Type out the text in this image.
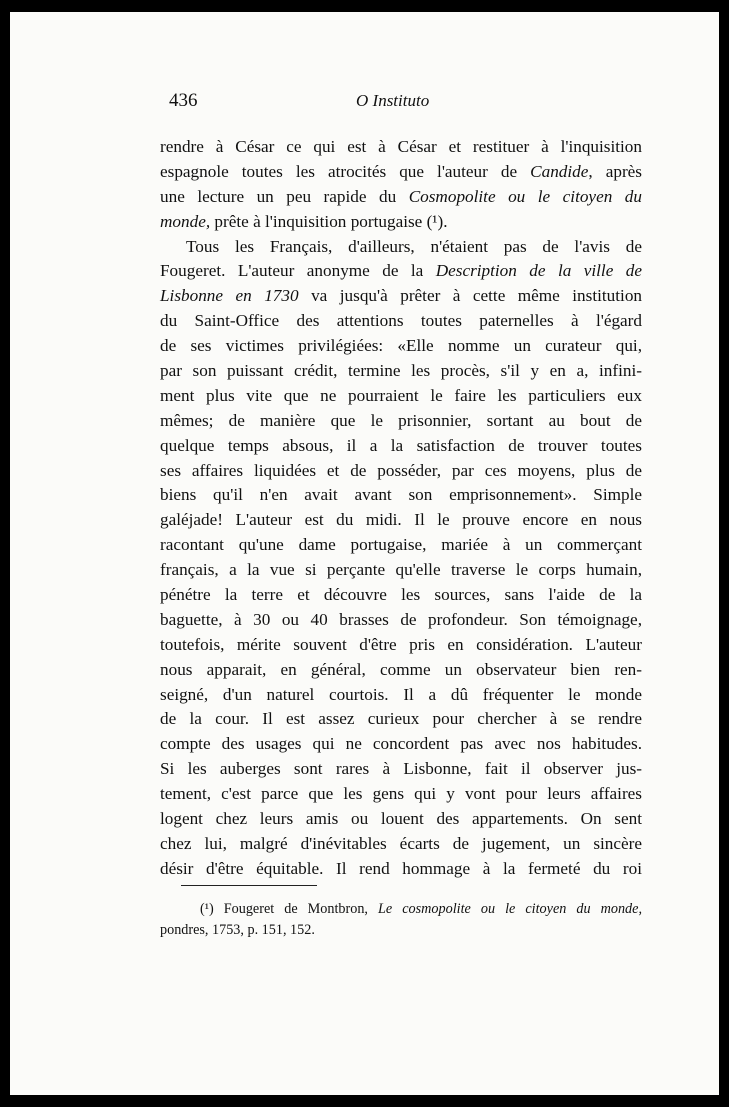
436	O Instituto
rendre à César ce qui est à César et restituer à l'inquisition
espagnole toutes les atrocités que l'auteur de Candide, après
une lecture un peu rapide du Cosmopolite ou le citoyen du
monde, prête à l'inquisition portugaise (¹).
Tous les Français, d'ailleurs, n'étaient pas de l'avis de
Fougeret. L'auteur anonyme de la Description de la ville de
Lisbonne en 1730 va jusqu'à prêter à cette même institution
du Saint-Office des attentions toutes paternelles à l'égard
de ses victimes privilégiées: «Elle nomme un curateur qui,
par son puissant crédit, termine les procès, s'il y en a, infini-
ment plus vite que ne pourraient le faire les particuliers eux
mêmes; de manière que le prisonnier, sortant au bout de
quelque temps absous, il a la satisfaction de trouver toutes
ses affaires liquidées et de posséder, par ces moyens, plus de
biens qu'il n'en avait avant son emprisonnement». Simple
galéjade! L'auteur est du midi. Il le prouve encore en nous
racontant qu'une dame portugaise, mariée à un commerçant
français, a la vue si perçante qu'elle traverse le corps humain,
pénétre la terre et découvre les sources, sans l'aide de la
baguette, à 30 ou 40 brasses de profondeur. Son témoignage,
toutefois, mérite souvent d'être pris en considération. L'auteur
nous apparait, en général, comme un observateur bien ren-
seigné, d'un naturel courtois. Il a dû fréquenter le monde
de la cour. Il est assez curieux pour chercher à se rendre
compte des usages qui ne concordent pas avec nos habitudes.
Si les auberges sont rares à Lisbonne, fait il observer jus-
tement, c'est parce que les gens qui y vont pour leurs affaires
logent chez leurs amis ou louent des appartements. On sent
chez lui, malgré d'inévitables écarts de jugement, un sincère
désir d'être équitable. Il rend hommage à la fermeté du roi
(¹) Fougeret de Montbron, Le cosmopolite ou le citoyen du monde,
pondres, 1753, p. 151, 152.
